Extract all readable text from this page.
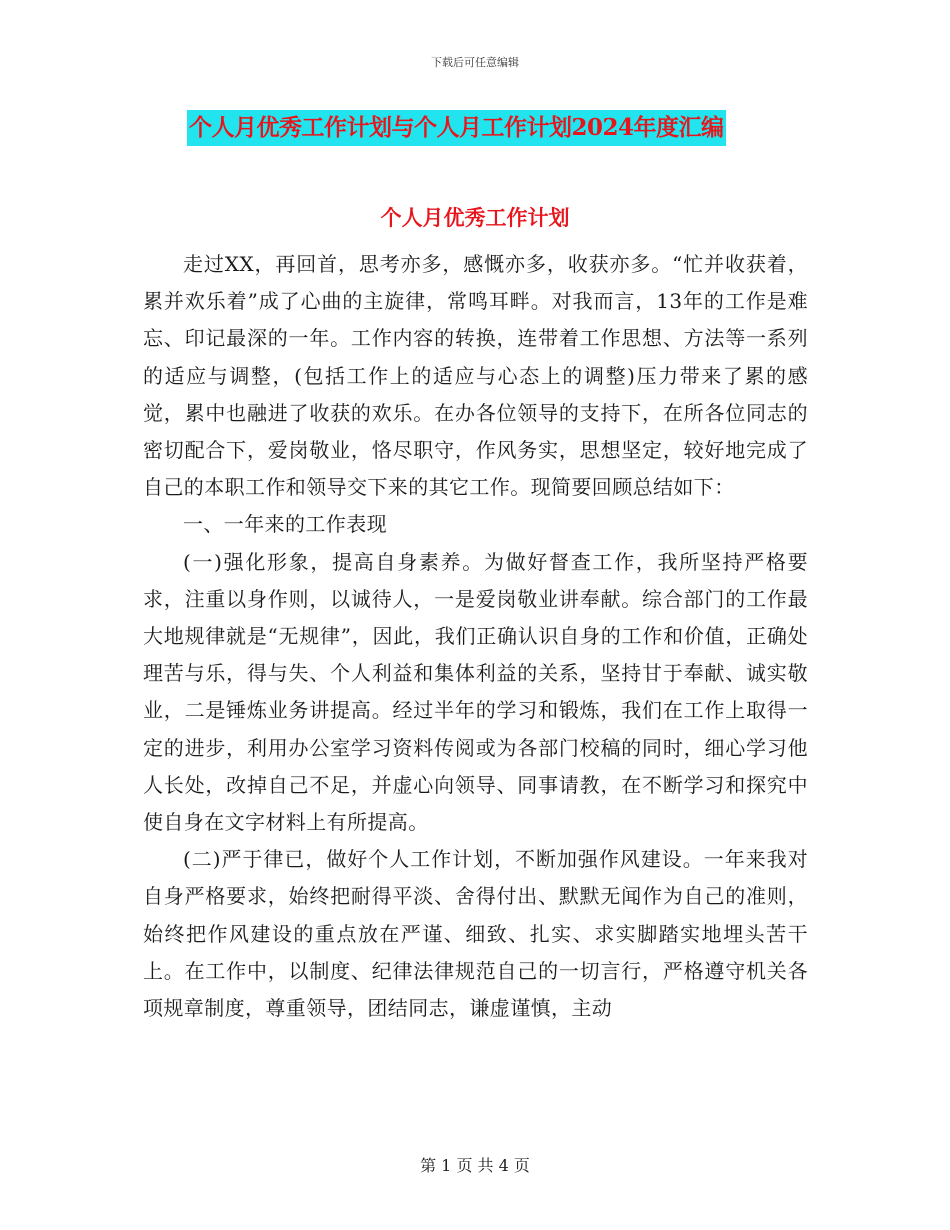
下载后可任意编辑
个人月优秀工作计划与个人月工作计划2024年度汇编
个人月优秀工作计划

走过XX，再回首，思考亦多，感慨亦多，收获亦多。“忙并收获着，累并欢乐着”成了心曲的主旋律，常鸣耳畔。对我而言，13年的工作是难忘、印记最深的一年。工作内容的转换，连带着工作思想、方法等一系列的适应与调整，(包括工作上的适应与心态上的调整)压力带来了累的感觉，累中也融进了收获的欢乐。在办各位领导的支持下，在所各位同志的密切配合下，爱岗敬业，恪尽职守，作风务实，思想坚定，较好地完成了自己的本职工作和领导交下来的其它工作。现简要回顾总结如下：

一、一年来的工作表现

(一)强化形象，提高自身素养。为做好督查工作，我所坚持严格要求，注重以身作则，以诚待人，一是爱岗敬业讲奉献。综合部门的工作最大地规律就是“无规律”，因此，我们正确认识自身的工作和价值，正确处理苦与乐，得与失、个人利益和集体利益的关系，坚持甘于奉献、诚实敬业，二是锤炼业务讲提高。经过半年的学习和锻炼，我们在工作上取得一定的进步，利用办公室学习资料传阅或为各部门校稿的同时，细心学习他人长处，改掉自己不足，并虚心向领导、同事请教，在不断学习和探究中使自身在文字材料上有所提高。

(二)严于律已，做好个人工作计划，不断加强作风建设。一年来我对自身严格要求，始终把耐得平淡、舍得付出、默默无闻作为自己的准则，始终把作风建设的重点放在严谨、细致、扎实、求实脚踏实地埋头苦干上。在工作中，以制度、纪律法律规范自己的一切言行，严格遵守机关各项规章制度，尊重领导，团结同志，谦虚谨慎，主动

第 1 页 共 4 页
